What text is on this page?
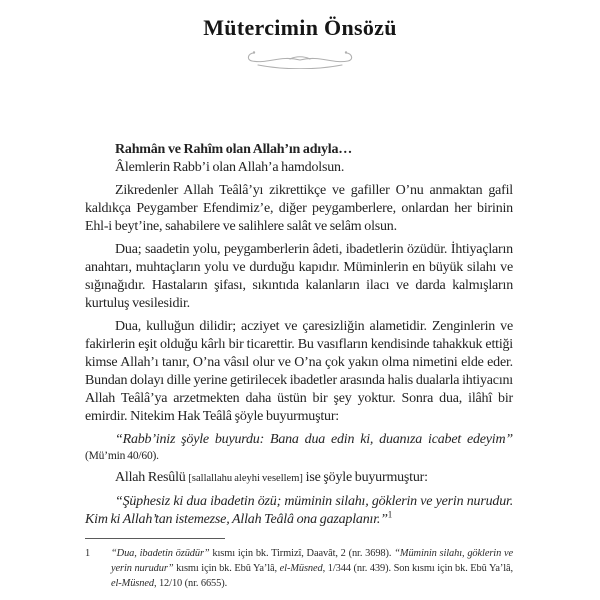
Mütercimin Önsözü

Rahmân ve Rahîm olan Allah’ın adıyla…

Âlemlerin Rabb’i olan Allah’a hamdolsun.

Zikredenler Allah Teâlâ’yı zikrettikçe ve gafiller O’nu anmaktan gafil kaldıkça Peygamber Efendimiz’e, diğer peygamberlere, onlardan her birinin Ehl-i beyt’ine, sahabilere ve salihlere salât ve selâm olsun.

Dua; saadetin yolu, peygamberlerin âdeti, ibadetlerin özüdür. İhtiyaçların anahtarı, muhtaçların yolu ve durduğu kapıdır. Müminlerin en büyük silahı ve sığınağıdır. Hastaların şifası, sıkıntıda kalanların ilacı ve darda kalmışların kurtuluş vesilesidir.

Dua, kulluğun dilidir; acziyet ve çaresizliğin alametidir. Zenginlerin ve fakirlerin eşit olduğu kârlı bir ticarettir. Bu vasıfların kendisinde tahakkuk ettiği kimse Allah’ı tanır, O’na vâsıl olur ve O’na çok yakın olma nimetini elde eder. Bundan dolayı dille yerine getirilecek ibadetler arasında halis dualarla ihtiyacını Allah Teâlâ’ya arzetmekten daha üstün bir şey yoktur. Sonra dua, ilâhî bir emirdir. Nitekim Hak Teâlâ şöyle buyurmuştur:

“Rabb’iniz şöyle buyurdu: Bana dua edin ki, duanıza icabet edeyim”

(Mü’min 40/60).

Allah Resûlü [sallallahu aleyhi vesellem] ise şöyle buyurmuştur:

“Şüphesiz ki dua ibadetin özü; müminin silahı, göklerin ve yerin nurudur. Kim ki Allah’tan istemezse, Allah Teâlâ ona gazaplanır.”$^1$

1 “Dua, ibadetin özüdür” kısmı için bk. Tirmizî, Daavât, 2 (nr. 3698). “Müminin silahı, göklerin ve yerin nurudur” kısmı için bk. Ebû Ya’lâ, el-Müsned, 1/344 (nr. 439). Son kısmı için bk. Ebû Ya’lâ, el-Müsned, 12/10 (nr. 6655).
